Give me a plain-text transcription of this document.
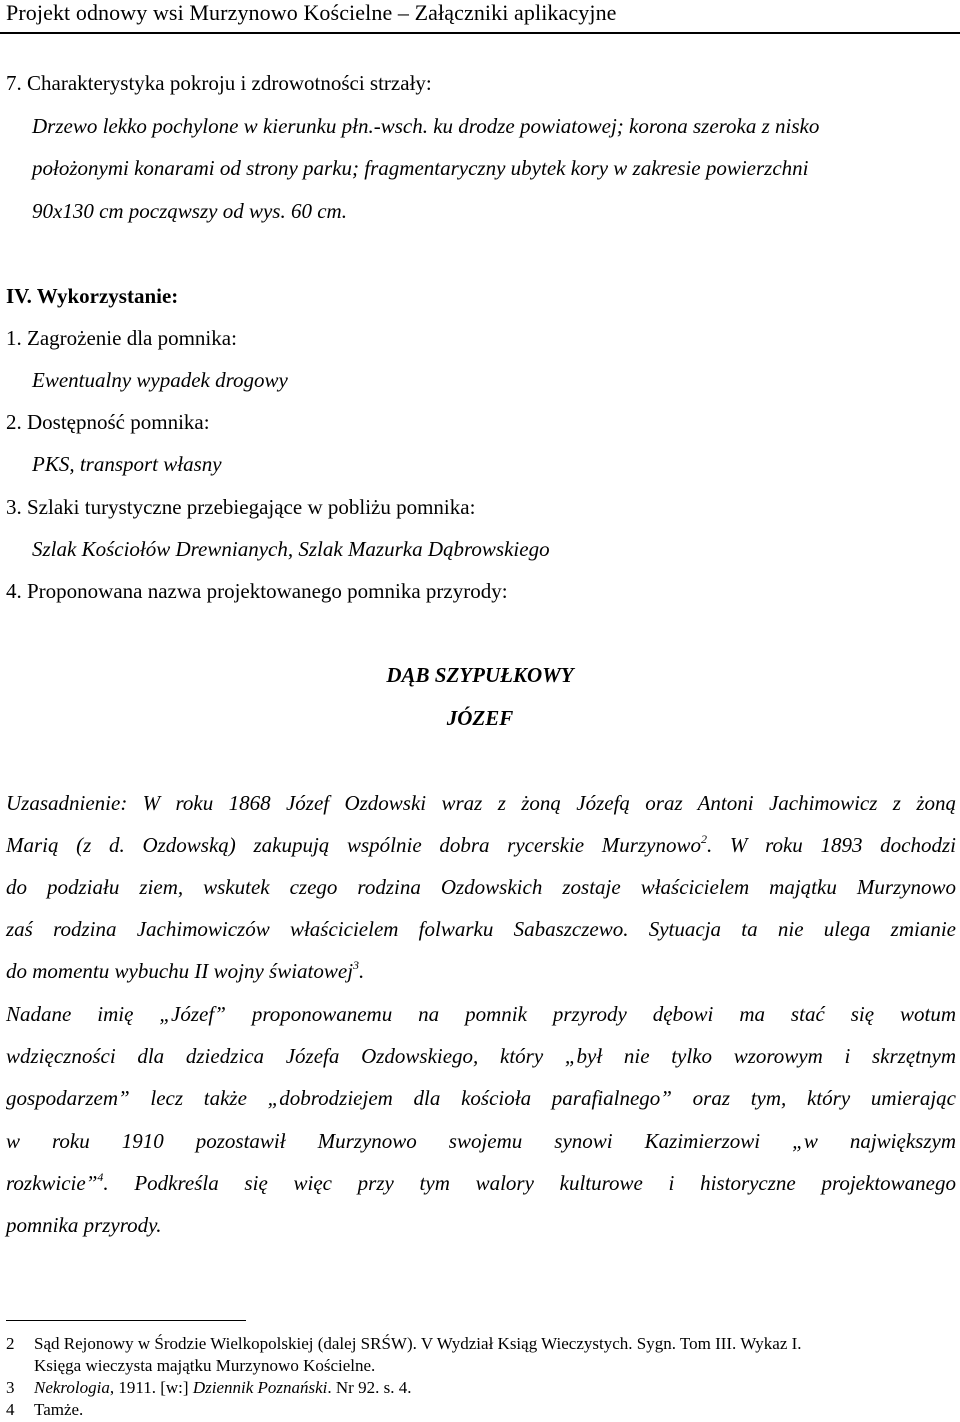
Projekt odnowy wsi Murzynowo Kościelne – Załączniki aplikacyjne
7. Charakterystyka pokroju i zdrowotności strzały:
Drzewo lekko pochylone w kierunku płn.-wsch. ku drodze powiatowej; korona szeroka z nisko
położonymi konarami od strony parku; fragmentaryczny ubytek kory w zakresie powierzchni
90x130 cm począwszy od wys. 60 cm.
IV. Wykorzystanie:
1. Zagrożenie dla pomnika:
Ewentualny wypadek drogowy
2. Dostępność pomnika:
PKS, transport własny
3. Szlaki turystyczne przebiegające w pobliżu pomnika:
Szlak Kościołów Drewnianych, Szlak Mazurka Dąbrowskiego
4. Proponowana nazwa projektowanego pomnika przyrody:
DĄB SZYPUŁKOWY
JÓZEF
Uzasadnienie: W roku 1868 Józef Ozdowski wraz z żoną Józefą oraz Antoni Jachimowicz z żoną
Marią (z d. Ozdowską) zakupują wspólnie dobra rycerskie Murzynowo$^2$. W roku 1893 dochodzi
do podziału ziem, wskutek czego rodzina Ozdowskich zostaje właścicielem majątku Murzynowo
zaś rodzina Jachimowiczów właścicielem folwarku Sabaszczewo. Sytuacja ta nie ulega zmianie
do momentu wybuchu II wojny światowej$^3$.
Nadane imię „Józef” proponowanemu na pomnik przyrody dębowi ma stać się wotum
wdzięczności dla dziedzica Józefa Ozdowskiego, który „był nie tylko wzorowym i skrzętnym
gospodarzem” lecz także „dobrodziejem dla kościoła parafialnego” oraz tym, który umierając
w roku 1910 pozostawił Murzynowo swojemu synowi Kazimierzowi „w największym
rozkwicie”$^4$. Podkreśla się więc przy tym walory kulturowe i historyczne projektowanego
pomnika przyrody.
2 Sąd Rejonowy w Środzie Wielkopolskiej (dalej SRŚW). V Wydział Ksiąg Wieczystych. Sygn. Tom III. Wykaz I.
Księga wieczysta majątku Murzynowo Kościelne.
3 Nekrologia, 1911. [w:] Dziennik Poznański. Nr 92. s. 4.
4 Tamże.
